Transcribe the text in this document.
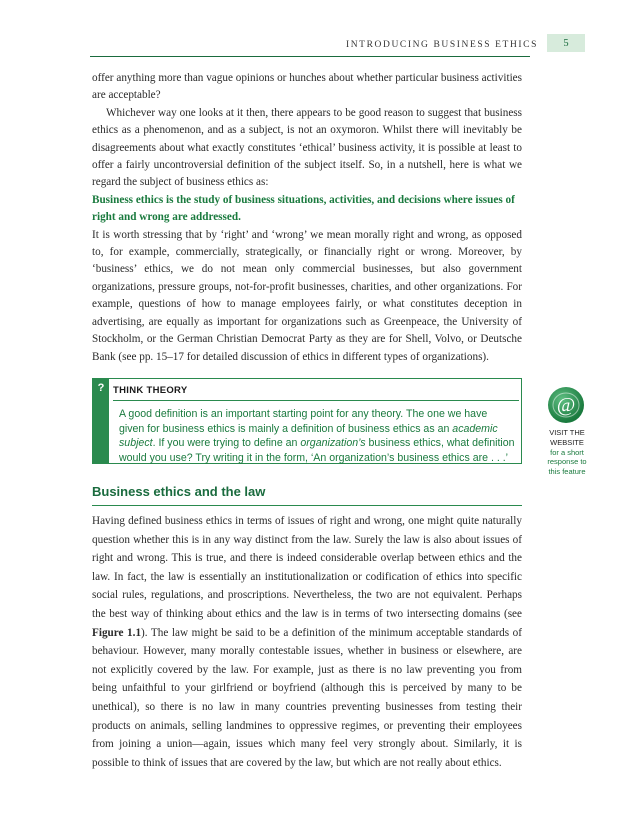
INTRODUCING BUSINESS ETHICS	5

offer anything more than vague opinions or hunches about whether particular business activities are acceptable?

Whichever way one looks at it then, there appears to be good reason to suggest that business ethics as a phenomenon, and as a subject, is not an oxymoron. Whilst there will inevitably be disagreements about what exactly constitutes ‘ethical’ business activity, it is possible at least to offer a fairly uncontroversial definition of the subject itself. So, in a nutshell, here is what we regard the subject of business ethics as:

Business ethics is the study of business situations, activities, and decisions where issues of right and wrong are addressed.

It is worth stressing that by ‘right’ and ‘wrong’ we mean morally right and wrong, as opposed to, for example, commercially, strategically, or financially right or wrong. Moreover, by ‘business’ ethics, we do not mean only commercial businesses, but also government organizations, pressure groups, not-for-profit businesses, charities, and other organizations. For example, questions of how to manage employees fairly, or what constitutes deception in advertising, are equally as important for organizations such as Greenpeace, the University of Stockholm, or the German Christian Democrat Party as they are for Shell, Volvo, or Deutsche Bank (see pp. 15–17 for detailed discussion of ethics in different types of organizations).

? THINK THEORY

A good definition is an important starting point for any theory. The one we have given for business ethics is mainly a definition of business ethics as an academic subject. If you were trying to define an organization’s business ethics, what definition would you use? Try writing it in the form, ‘An organization’s business ethics are . . .’

@
VISIT THE
WEBSITE
for a short
response to
this feature
Business ethics and the law

Having defined business ethics in terms of issues of right and wrong, one might quite naturally question whether this is in any way distinct from the law. Surely the law is also about issues of right and wrong. This is true, and there is indeed considerable overlap between ethics and the law. In fact, the law is essentially an institutionalization or codification of ethics into specific social rules, regulations, and proscriptions. Nevertheless, the two are not equivalent. Perhaps the best way of thinking about ethics and the law is in terms of two intersecting domains (see Figure 1.1). The law might be said to be a definition of the minimum acceptable standards of behaviour. However, many morally contestable issues, whether in business or elsewhere, are not explicitly covered by the law. For example, just as there is no law preventing you from being unfaithful to your girlfriend or boyfriend (although this is perceived by many to be unethical), so there is no law in many countries preventing businesses from testing their products on animals, selling landmines to oppressive regimes, or preventing their employees from joining a union—again, issues which many feel very strongly about. Similarly, it is possible to think of issues that are covered by the law, but which are not really about ethics.
